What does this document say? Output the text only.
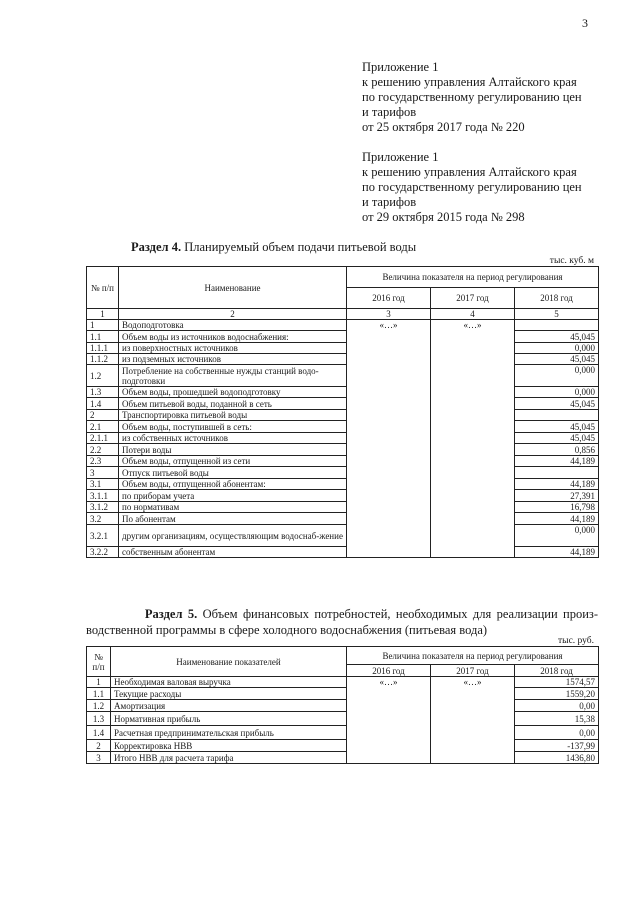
3
Приложение 1
к решению управления Алтайского края
по государственному регулированию цен
и тарифов
от 25 октября 2017 года № 220
Приложение 1
к решению управления Алтайского края
по государственному регулированию цен
и тарифов
от 29 октября 2015 года № 298
Раздел 4. Планируемый объем подачи питьевой воды
тыс. куб. м
№ п/п	Наименование	Величина показателя на период регулирования		
		2016 год	2017 год	2018 год
1	2	3	4	5
1	Водоподготовка	«…»	«…»	
1.1	Объем воды из источников водоснабжения:			45,045
1.1.1	из поверхностных источников			0,000
1.1.2	из подземных источников			45,045
1.2	Потребление на собственные нужды станций водо-подготовки			0,000
1.3	Объем воды, прошедшей водоподготовку			0,000
1.4	Объем питьевой воды, поданной в сеть			45,045
2	Транспортировка питьевой воды			
2.1	Объем воды, поступившей в сеть:			45,045
2.1.1	из собственных источников			45,045
2.2	Потери воды			0,856
2.3	Объем воды, отпущенной из сети			44,189
3	Отпуск питьевой воды			
3.1	Объем воды, отпущенной абонентам:			44,189
3.1.1	по приборам учета			27,391
3.1.2	по нормативам			16,798
3.2	По абонентам			44,189
3.2.1	другим организациям, осуществляющим водоснаб-жение			0,000
3.2.2	собственным абонентам			44,189
Раздел 5. Объем финансовых потребностей, необходимых для реализации произ-водственной программы в сфере холодного водоснабжения (питьевая вода)
тыс. руб.
№ п/п	Наименование показателей	Величина показателя на период регулирования		
		2016 год	2017 год	2018 год
1	Необходимая валовая выручка	«…»	«…»	1574,57
1.1	Текущие расходы			1559,20
1.2	Амортизация			0,00
1.3	Нормативная прибыль			15,38
1.4	Расчетная предпринимательская прибыль			0,00
2	Корректировка НВВ			-137,99
3	Итого НВВ для расчета тарифа			1436,80
